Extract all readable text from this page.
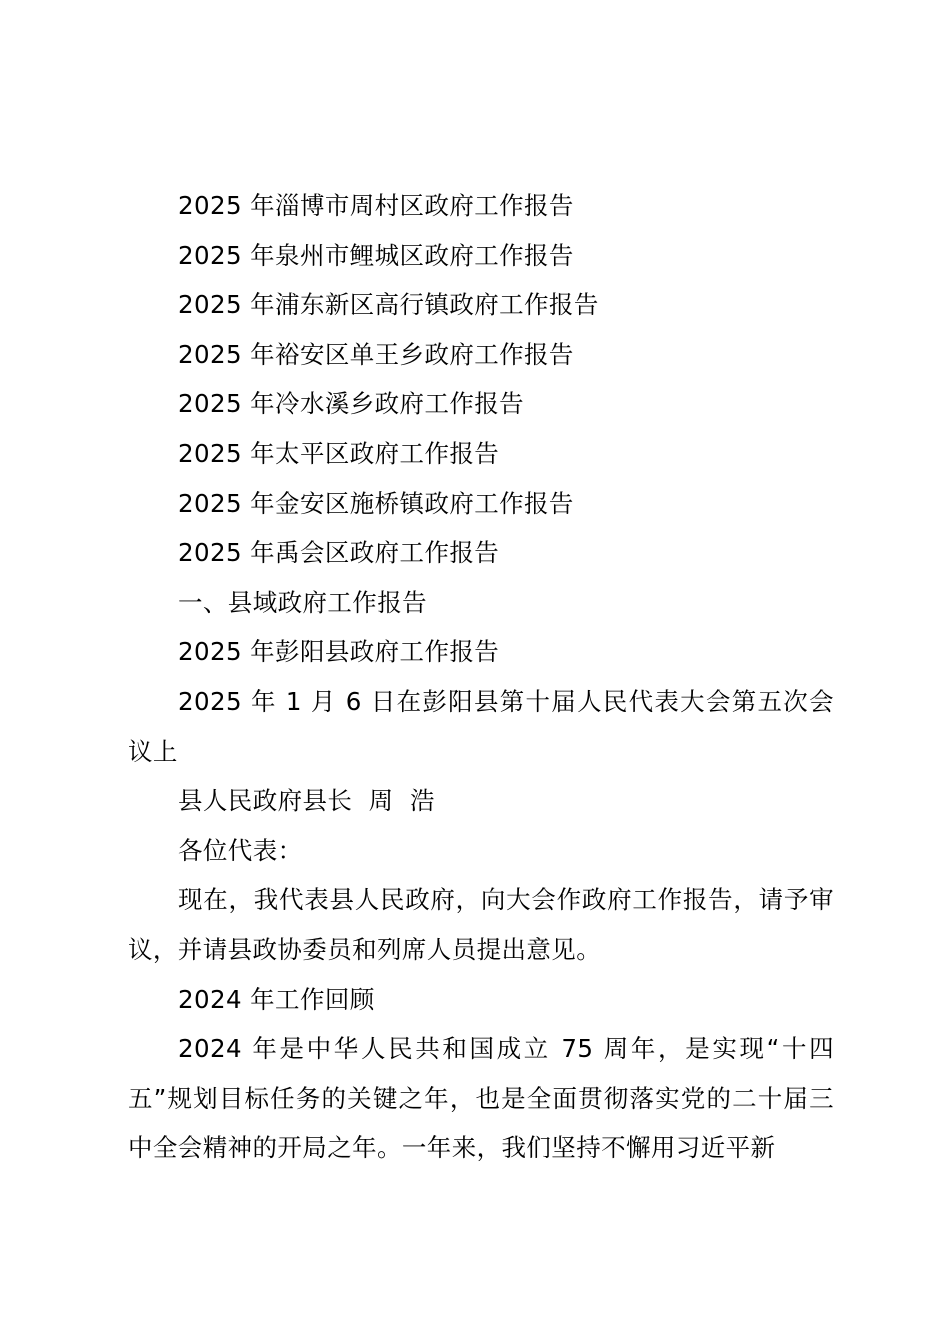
2025 年淄博市周村区政府工作报告

2025 年泉州市鲤城区政府工作报告

2025 年浦东新区高行镇政府工作报告

2025 年裕安区单王乡政府工作报告

2025 年冷水溪乡政府工作报告

2025 年太平区政府工作报告

2025 年金安区施桥镇政府工作报告

2025 年禹会区政府工作报告

一、县域政府工作报告

2025 年彭阳县政府工作报告

2025 年 1 月 6 日在彭阳县第十届人民代表大会第五次会议上

县人民政府县长  周  浩

各位代表：

现在，我代表县人民政府，向大会作政府工作报告，请予审议，并请县政协委员和列席人员提出意见。

2024 年工作回顾

2024 年是中华人民共和国成立 75 周年，是实现“十四五”规划目标任务的关键之年，也是全面贯彻落实党的二十届三中全会精神的开局之年。一年来，我们坚持不懈用习近平新
